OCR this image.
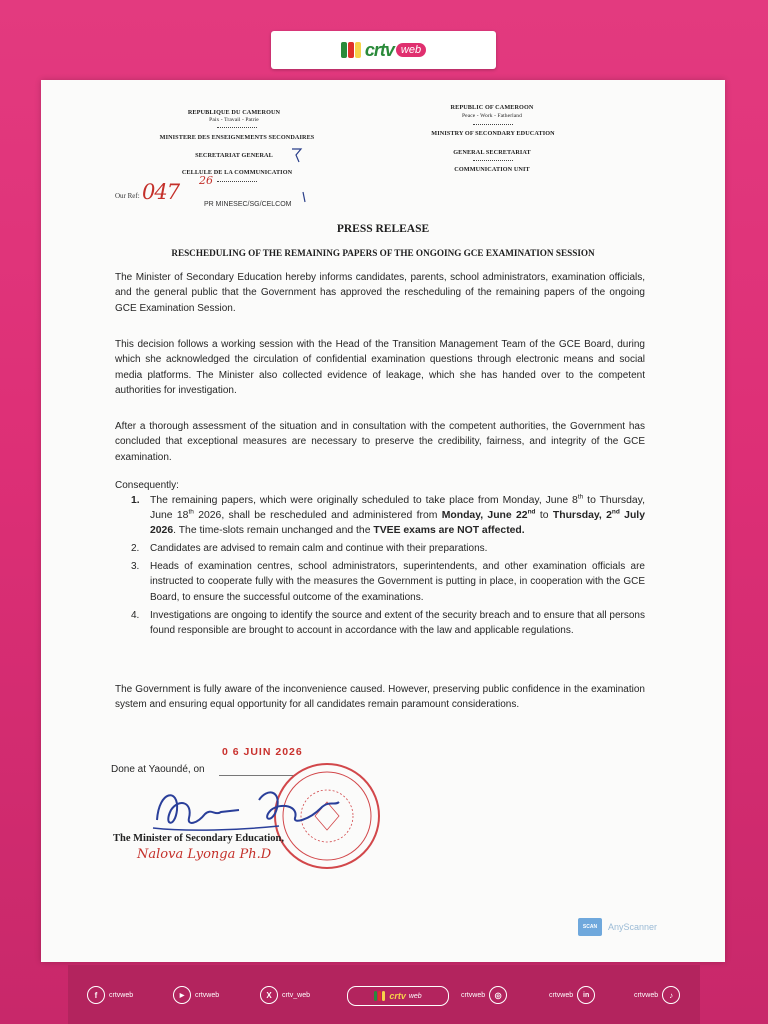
crtv web
REPUBLIQUE DU CAMEROUN
Paix - Travail - Patrie
MINISTERE DES ENSEIGNEMENTS SECONDAIRES
SECRETARIAT GENERAL
CELLULE DE LA COMMUNICATION
REPUBLIC OF CAMEROON
Peace - Work - Fatherland
MINISTRY OF SECONDARY EDUCATION
GENERAL SECRETARIAT
COMMUNICATION UNIT
Our Ref: 047 26
PR MINESEC/SG/CELCOM
PRESS RELEASE
RESCHEDULING OF THE REMAINING PAPERS OF THE ONGOING GCE EXAMINATION SESSION
The Minister of Secondary Education hereby informs candidates, parents, school administrators, examination officials, and the general public that the Government has approved the rescheduling of the remaining papers of the ongoing GCE Examination Session.
This decision follows a working session with the Head of the Transition Management Team of the GCE Board, during which she acknowledged the circulation of confidential examination questions through electronic means and social media platforms. The Minister also collected evidence of leakage, which she has handed over to the competent authorities for investigation.
After a thorough assessment of the situation and in consultation with the competent authorities, the Government has concluded that exceptional measures are necessary to preserve the credibility, fairness, and integrity of the GCE examination.
Consequently:
1. The remaining papers, which were originally scheduled to take place from Monday, June 8th to Thursday, June 18th 2026, shall be rescheduled and administered from Monday, June 22nd to Thursday, 2nd July 2026. The time-slots remain unchanged and the TVEE exams are NOT affected.
2. Candidates are advised to remain calm and continue with their preparations.
3. Heads of examination centres, school administrators, superintendents, and other examination officials are instructed to cooperate fully with the measures the Government is putting in place, in cooperation with the GCE Board, to ensure the successful outcome of the examinations.
4. Investigations are ongoing to identify the source and extent of the security breach and to ensure that all persons found responsible are brought to account in accordance with the law and applicable regulations.
The Government is fully aware of the inconvenience caused. However, preserving public confidence in the examination system and ensuring equal opportunity for all candidates remain paramount considerations.
0 6 JUIN 2026
Done at Yaoundé, on
The Minister of Secondary Education,
Nalova Lyonga Ph.D
SCAN	AnyScanner
f	crtvweb	▶	crtvweb	X	crtv_web	crtv web	crtvweb	◎	crtvweb	in	crtvweb	♪
